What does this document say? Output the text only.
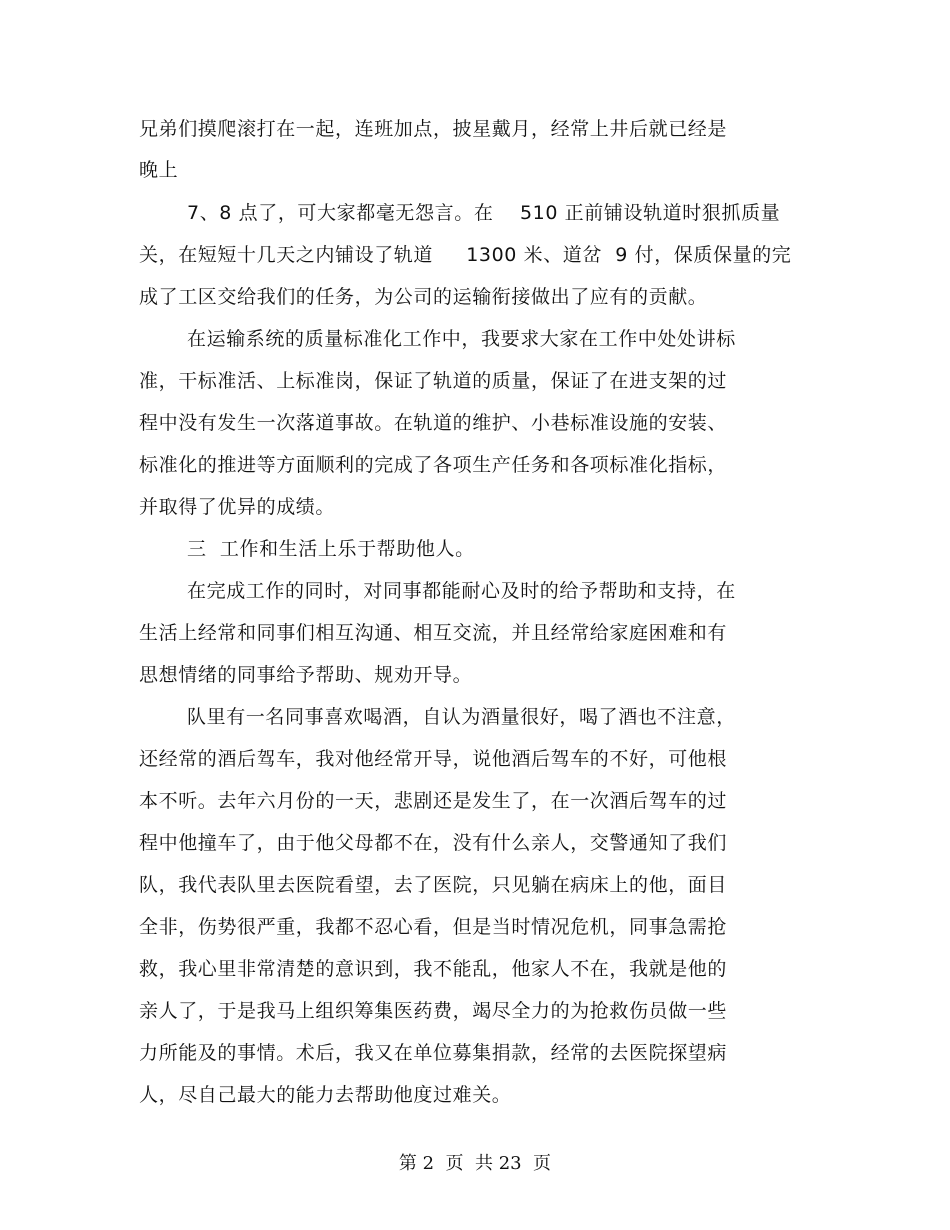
兄弟们摸爬滚打在一起，连班加点，披星戴月，经常上井后就已经是
晚上
7、8 点了，可大家都毫无怨言。在    510 正前铺设轨道时狠抓质量
关，在短短十几天之内铺设了轨道     1300 米、道岔  9 付，保质保量的完
成了工区交给我们的任务，为公司的运输衔接做出了应有的贡献。
在运输系统的质量标准化工作中，我要求大家在工作中处处讲标
准，干标准活、上标准岗，保证了轨道的质量，保证了在进支架的过
程中没有发生一次落道事故。在轨道的维护、小巷标准设施的安装、
标准化的推进等方面顺利的完成了各项生产任务和各项标准化指标，
并取得了优异的成绩。
三  工作和生活上乐于帮助他人。
在完成工作的同时，对同事都能耐心及时的给予帮助和支持，在
生活上经常和同事们相互沟通、相互交流，并且经常给家庭困难和有
思想情绪的同事给予帮助、规劝开导。
队里有一名同事喜欢喝酒，自认为酒量很好，喝了酒也不注意，
还经常的酒后驾车，我对他经常开导，说他酒后驾车的不好，可他根
本不听。去年六月份的一天，悲剧还是发生了，在一次酒后驾车的过
程中他撞车了，由于他父母都不在，没有什么亲人，交警通知了我们
队，我代表队里去医院看望，去了医院，只见躺在病床上的他，面目
全非，伤势很严重，我都不忍心看，但是当时情况危机，同事急需抢
救，我心里非常清楚的意识到，我不能乱，他家人不在，我就是他的
亲人了，于是我马上组织筹集医药费，竭尽全力的为抢救伤员做一些
力所能及的事情。术后，我又在单位募集捐款，经常的去医院探望病
人，尽自己最大的能力去帮助他度过难关。
第 2  页  共 23  页
